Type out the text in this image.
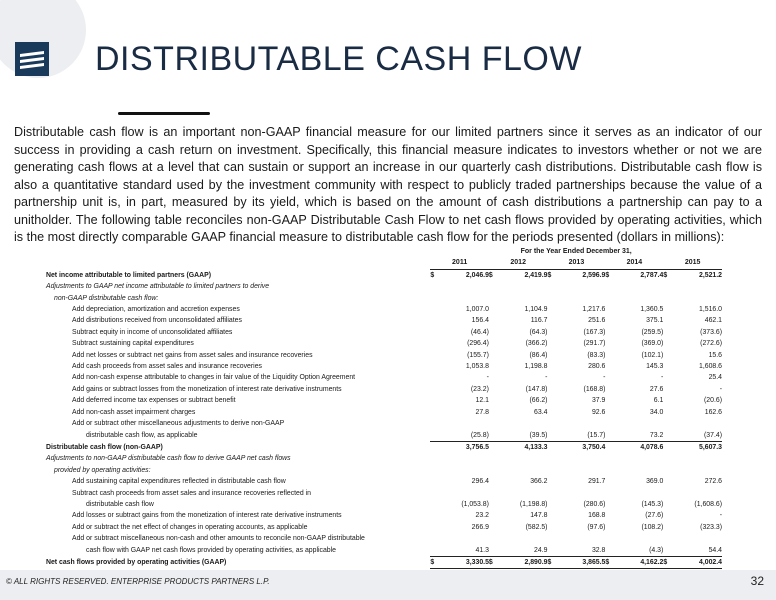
DISTRIBUTABLE CASH FLOW
Distributable cash flow is an important non-GAAP financial measure for our limited partners since it serves as an indicator of our success in providing a cash return on investment. Specifically, this financial measure indicates to investors whether or not we are generating cash flows at a level that can sustain or support an increase in our quarterly cash distributions. Distributable cash flow is also a quantitative standard used by the investment community with respect to publicly traded partnerships because the value of a partnership unit is, in part, measured by its yield, which is based on the amount of cash distributions a partnership can pay to a unitholder. The following table reconciles non-GAAP Distributable Cash Flow to net cash flows provided by operating activities, which is the most directly comparable GAAP financial measure to distributable cash flow for the periods presented (dollars in millions):
	For the Year Ended December 31,									
	2011		2012		2013		2014		2015	
Net income attributable to limited partners (GAAP)	$	2,046.9	$	2,419.9	$	2,596.9	$	2,787.4	$	2,521.2
Adjustments to GAAP net income attributable to limited partners to derive										
non-GAAP distributable cash flow:										
Add depreciation, amortization and accretion expenses		1,007.0		1,104.9		1,217.6		1,360.5		1,516.0
Add distributions received from unconsolidated affiliates		156.4		116.7		251.6		375.1		462.1
Subtract equity in income of unconsolidated affiliates		(46.4)		(64.3)		(167.3)		(259.5)		(373.6)
Subtract sustaining capital expenditures		(296.4)		(366.2)		(291.7)		(369.0)		(272.6)
Add net losses or subtract net gains from asset sales and insurance recoveries		(155.7)		(86.4)		(83.3)		(102.1)		15.6
Add cash proceeds from asset sales and insurance recoveries		1,053.8		1,198.8		280.6		145.3		1,608.6
Add non-cash expense attributable to changes in fair value of the Liquidity Option Agreement		-		-		-		-		25.4
Add gains or subtract losses from the monetization of interest rate derivative instruments		(23.2)		(147.8)		(168.8)		27.6		-
Add deferred income tax expenses or subtract benefit		12.1		(66.2)		37.9		6.1		(20.6)
Add non-cash asset impairment charges		27.8		63.4		92.6		34.0		162.6
Add or subtract other miscellaneous adjustments to derive non-GAAP										
distributable cash flow, as applicable		(25.8)		(39.5)		(15.7)		73.2		(37.4)
Distributable cash flow (non-GAAP)		3,756.5		4,133.3		3,750.4		4,078.6		5,607.3
Adjustments to non-GAAP distributable cash flow to derive GAAP net cash flows										
provided by operating activities:										
Add sustaining capital expenditures reflected in distributable cash flow		296.4		366.2		291.7		369.0		272.6
Subtract cash proceeds from asset sales and insurance recoveries reflected in										
distributable cash flow		(1,053.8)		(1,198.8)		(280.6)		(145.3)		(1,608.6)
Add losses or subtract gains from the monetization of interest rate derivative instruments		23.2		147.8		168.8		(27.6)		-
Add or subtract the net effect of changes in operating accounts, as applicable		266.9		(582.5)		(97.6)		(108.2)		(323.3)
Add or subtract miscellaneous non-cash and other amounts to reconcile non-GAAP distributable										
cash flow with GAAP net cash flows provided by operating activities, as applicable		41.3		24.9		32.8		(4.3)		54.4
Net cash flows provided by operating activities (GAAP)	$	3,330.5	$	2,890.9	$	3,865.5	$	4,162.2	$	4,002.4
© ALL RIGHTS RESERVED. ENTERPRISE PRODUCTS PARTNERS L.P.	32
